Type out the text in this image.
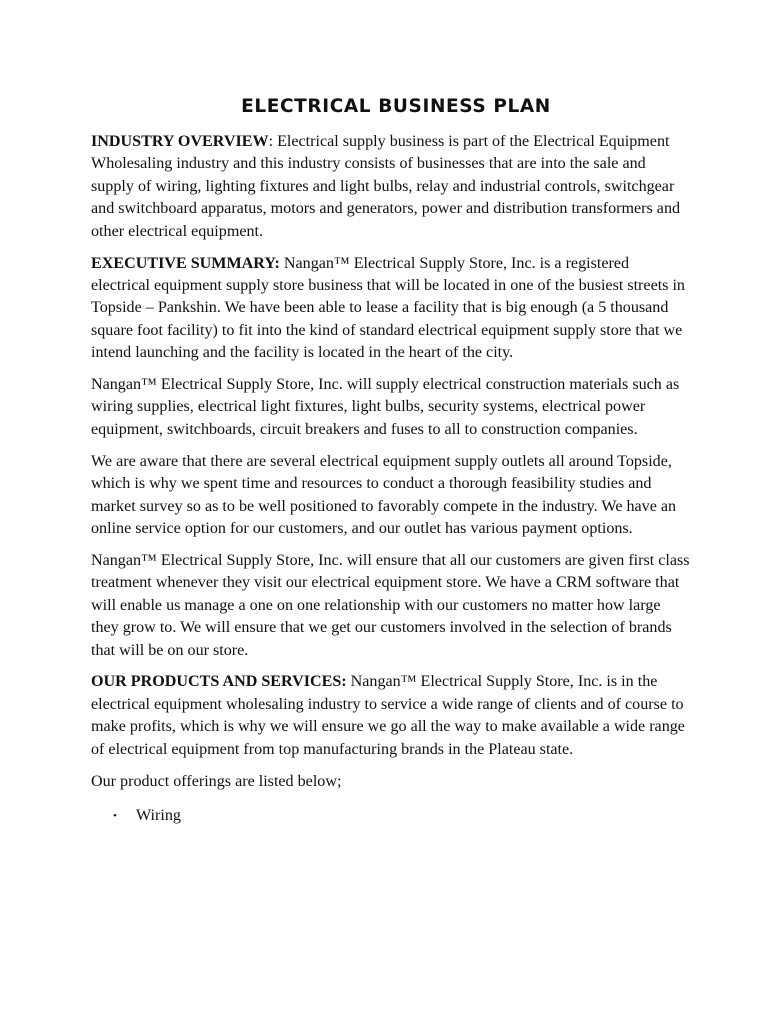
ELECTRICAL BUSINESS PLAN

INDUSTRY OVERVIEW: Electrical supply business is part of the Electrical Equipment Wholesaling industry and this industry consists of businesses that are into the sale and supply of wiring, lighting fixtures and light bulbs, relay and industrial controls, switchgear and switchboard apparatus, motors and generators, power and distribution transformers and other electrical equipment.

EXECUTIVE SUMMARY: Nangan™ Electrical Supply Store, Inc. is a registered electrical equipment supply store business that will be located in one of the busiest streets in Topside – Pankshin. We have been able to lease a facility that is big enough (a 5 thousand square foot facility) to fit into the kind of standard electrical equipment supply store that we intend launching and the facility is located in the heart of the city.

Nangan™ Electrical Supply Store, Inc. will supply electrical construction materials such as wiring supplies, electrical light fixtures, light bulbs, security systems, electrical power equipment, switchboards, circuit breakers and fuses to all to construction companies.

We are aware that there are several electrical equipment supply outlets all around Topside, which is why we spent time and resources to conduct a thorough feasibility studies and market survey so as to be well positioned to favorably compete in the industry. We have an online service option for our customers, and our outlet has various payment options.

Nangan™ Electrical Supply Store, Inc. will ensure that all our customers are given first class treatment whenever they visit our electrical equipment store. We have a CRM software that will enable us manage a one on one relationship with our customers no matter how large they grow to. We will ensure that we get our customers involved in the selection of brands that will be on our store.

OUR PRODUCTS AND SERVICES: Nangan™ Electrical Supply Store, Inc. is in the electrical equipment wholesaling industry to service a wide range of clients and of course to make profits, which is why we will ensure we go all the way to make available a wide range of electrical equipment from top manufacturing brands in the Plateau state.

Our product offerings are listed below;

• Wiring
